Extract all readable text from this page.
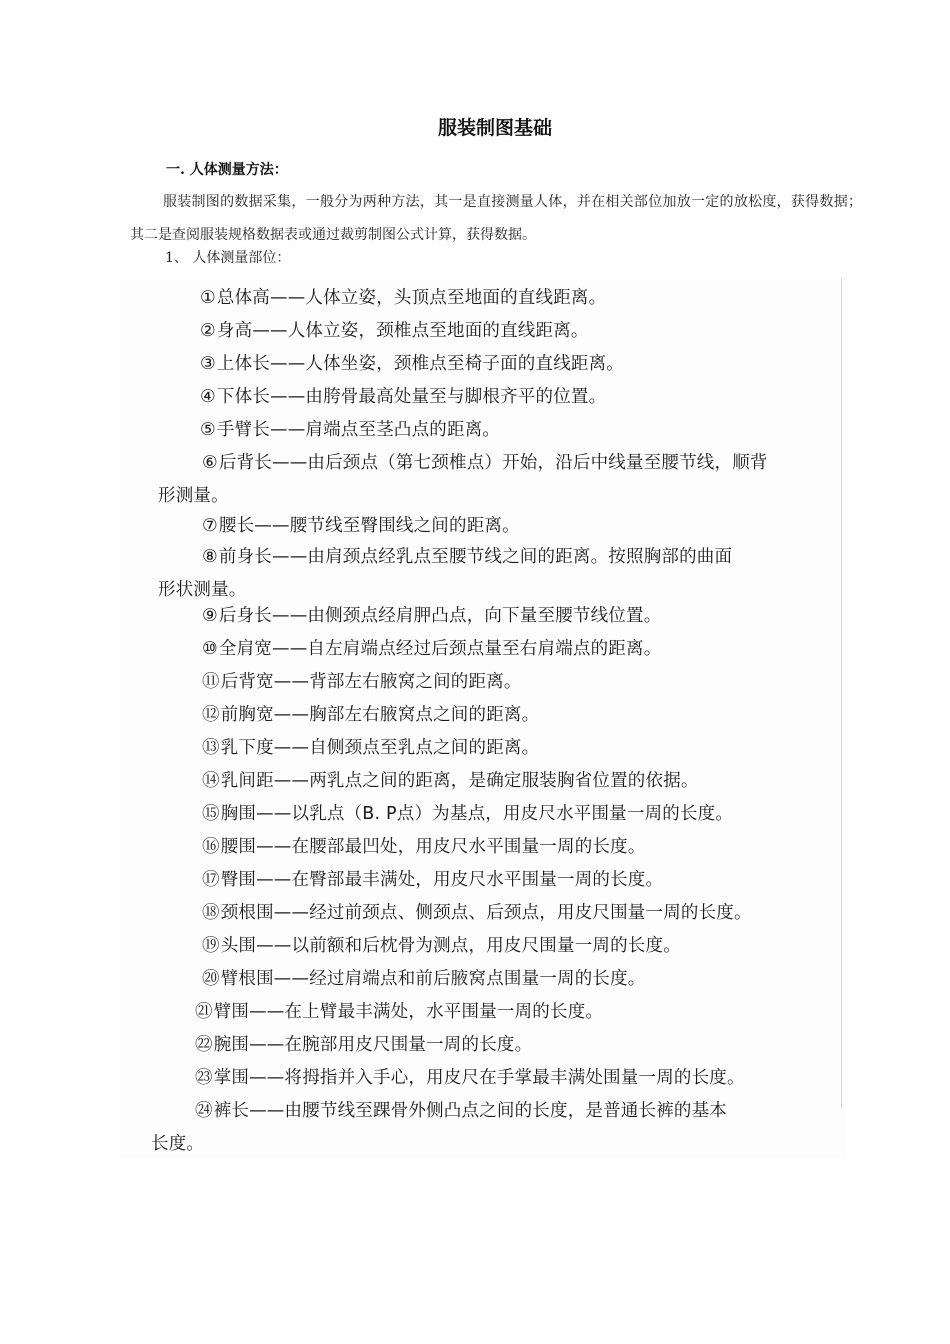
服装制图基础
一. 人体测量方法：
服装制图的数据采集，一般分为两种方法，其一是直接测量人体，并在相关部位加放一定的放松度，获得数据；其二是查阅服装规格数据表或通过裁剪制图公式计算，获得数据。
1、 人体测量部位：
①总体高——人体立姿，头顶点至地面的直线距离。
②身高——人体立姿，颈椎点至地面的直线距离。
③上体长——人体坐姿，颈椎点至椅子面的直线距离。
④下体长——由胯骨最高处量至与脚根齐平的位置。
⑤手臂长——肩端点至茎凸点的距离。
⑥后背长——由后颈点（第七颈椎点）开始，沿后中线量至腰节线，顺背
形测量。
⑦腰长——腰节线至臀围线之间的距离。
⑧前身长——由肩颈点经乳点至腰节线之间的距离。按照胸部的曲面
形状测量。
⑨后身长——由侧颈点经肩胛凸点，向下量至腰节线位置。
⑩全肩宽——自左肩端点经过后颈点量至右肩端点的距离。
⑪后背宽——背部左右腋窝之间的距离。
⑫前胸宽——胸部左右腋窝点之间的距离。
⑬乳下度——自侧颈点至乳点之间的距离。
⑭乳间距——两乳点之间的距离，是确定服装胸省位置的依据。
⑮胸围——以乳点（B. P点）为基点，用皮尺水平围量一周的长度。
⑯腰围——在腰部最凹处，用皮尺水平围量一周的长度。
⑰臀围——在臀部最丰满处，用皮尺水平围量一周的长度。
⑱颈根围——经过前颈点、侧颈点、后颈点，用皮尺围量一周的长度。
⑲头围——以前额和后枕骨为测点，用皮尺围量一周的长度。
⑳臂根围——经过肩端点和前后腋窝点围量一周的长度。
㉑臂围——在上臂最丰满处，水平围量一周的长度。
㉒腕围——在腕部用皮尺围量一周的长度。
㉓掌围——将拇指并入手心，用皮尺在手掌最丰满处围量一周的长度。
㉔裤长——由腰节线至踝骨外侧凸点之间的长度，是普通长裤的基本
长度。
